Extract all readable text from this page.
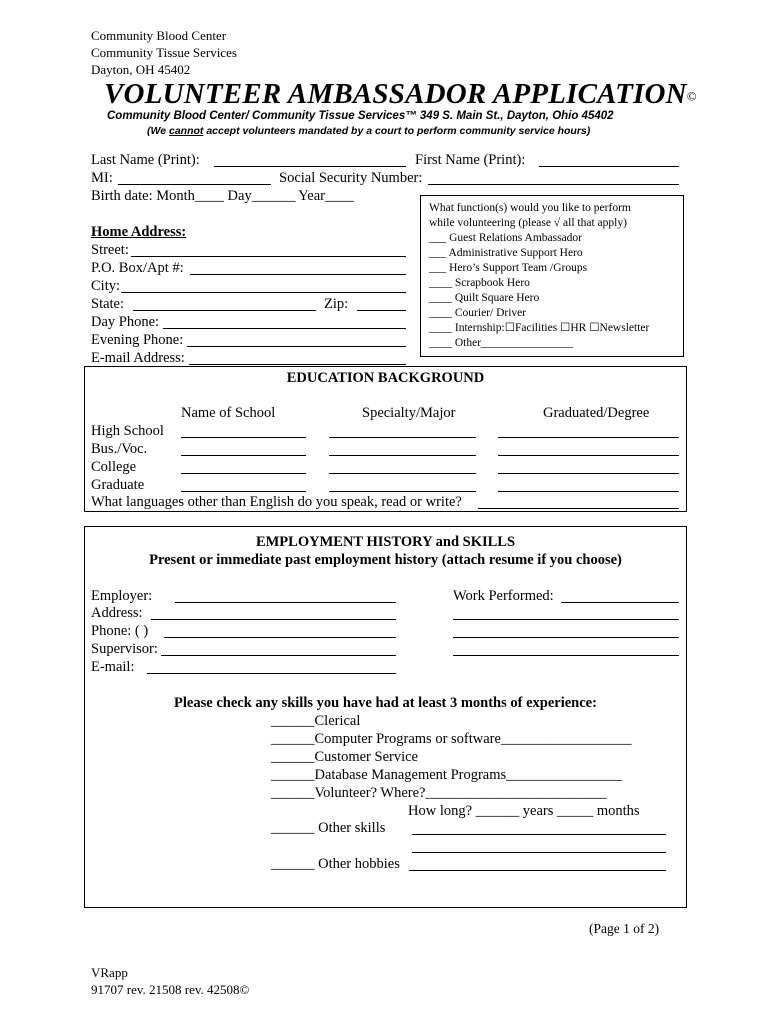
Community Blood Center
Community Tissue Services
Dayton, OH 45402
VOLUNTEER AMBASSADOR APPLICATION©
Community Blood Center/ Community Tissue Services™ 349 S. Main St., Dayton, Ohio 45402
(We cannot accept volunteers mandated by a court to perform community service hours)
Last Name (Print):	First Name (Print):
MI:	Social Security Number:
Birth date: Month____ Day______ Year____
Home Address:
Street:
P.O. Box/Apt #:
City:
State:	Zip:
Day Phone:
Evening Phone:
E-mail Address:
What function(s) would you like to perform
while volunteering (please √ all that apply)
___ Guest Relations Ambassador
___ Administrative Support Hero
___ Hero’s Support Team /Groups
____ Scrapbook Hero
____ Quilt Square Hero
____ Courier/ Driver
____ Internship:☐Facilities ☐HR ☐Newsletter
____ Other________________
EDUCATION BACKGROUND
Name of School	Specialty/Major	Graduated/Degree
High School
Bus./Voc.
College
Graduate
What languages other than English do you speak, read or write?
EMPLOYMENT HISTORY and SKILLS
Present or immediate past employment history (attach resume if you choose)
Employer:
Address:
Phone: ( )
Supervisor:
E-mail:
Work Performed:
Please check any skills you have had at least 3 months of experience:
______Clerical
______Computer Programs or software__________________
______Customer Service
______Database Management Programs________________
______Volunteer? Where?_________________________
How long? ______ years _____ months
______ Other skills
______ Other hobbies
(Page 1 of 2)
VRapp
91707 rev. 21508 rev. 42508©
